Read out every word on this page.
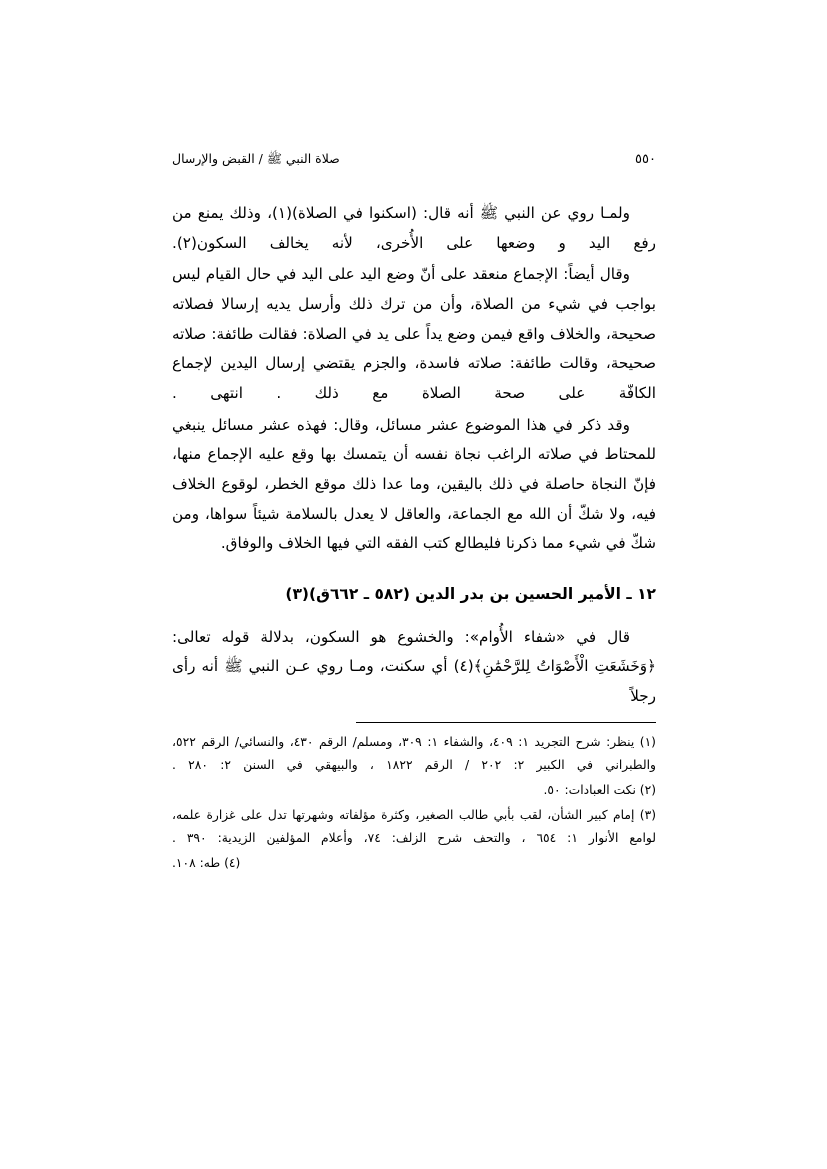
صلاة النبي ﷺ / القبض والإرسال	٥٥٠

ولمـا روي عن النبي ﷺ أنه قال: (اسكنوا في الصلاة)(١)، وذلك يمنع من رفع اليد و وضعها على الأُخرى، لأنه يخالف السكون(٢).

وقال أيضاً: الإجماع منعقد على أنّ وضع اليد على اليد في حال القيام ليس بواجب في شيء من الصلاة، وأن من ترك ذلك وأرسل يديه إرسالا فصلاته صحيحة، والخلاف واقع فيمن وضع يداً على يد في الصلاة: فقالت طائفة: صلاته صحيحة، وقالت طائفة: صلاته فاسدة، والجزم يقتضي إرسال اليدين لإجماع الكافّة على صحة الصلاة مع ذلك . انتهى .

وقد ذكر في هذا الموضوع عشر مسائل، وقال: فهذه عشر مسائل ينبغي للمحتاط في صلاته الراغب نجاة نفسه أن يتمسك بها وقع عليه الإجماع منها، فإنّ النجاة حاصلة في ذلك باليقين، وما عدا ذلك موقع الخطر، لوقوع الخلاف فيه، ولا شكّ أن الله مع الجماعة، والعاقل لا يعدل بالسلامة شيئاً سواها، ومن شكّ في شيء مما ذكرنا فليطالع كتب الفقه التي فيها الخلاف والوفاق.

١٢ ـ الأمير الحسين بن بدر الدين (٥٨٢ ـ ٦٦٢ق)(٣)

قال في «شفاء الأُوام»: والخشوع هو السكون، بدلالة قوله تعالى: ﴿وَخَشَعَتِ الْأَصْوَاتُ لِلرَّحْمَٰنِ﴾(٤) أي سكنت، ومـا روي عـن النبي ﷺ أنه رأى رجلاً

(١) ينظر: شرح التجريد ١: ٤٠٩، والشفاء ١: ٣٠٩، ومسلم/ الرقم ٤٣٠، والنسائي/ الرقم ٥٢٢، والطبراني في الكبير ٢: ٢٠٢ / الرقم ١٨٢٢ ، والبيهقي في السنن ٢: ٢٨٠ .

(٢) نكت العبادات: ٥٠.

(٣) إمام كبير الشأن، لقب بأبي طالب الصغير، وكثرة مؤلفاته وشهرتها تدل على غزارة علمه، لوامع الأنوار ١: ٦٥٤ ، والتحف شرح الزلف: ٧٤، وأعلام المؤلفين الزيدية: ٣٩٠ .

(٤) طه: ١٠٨.
